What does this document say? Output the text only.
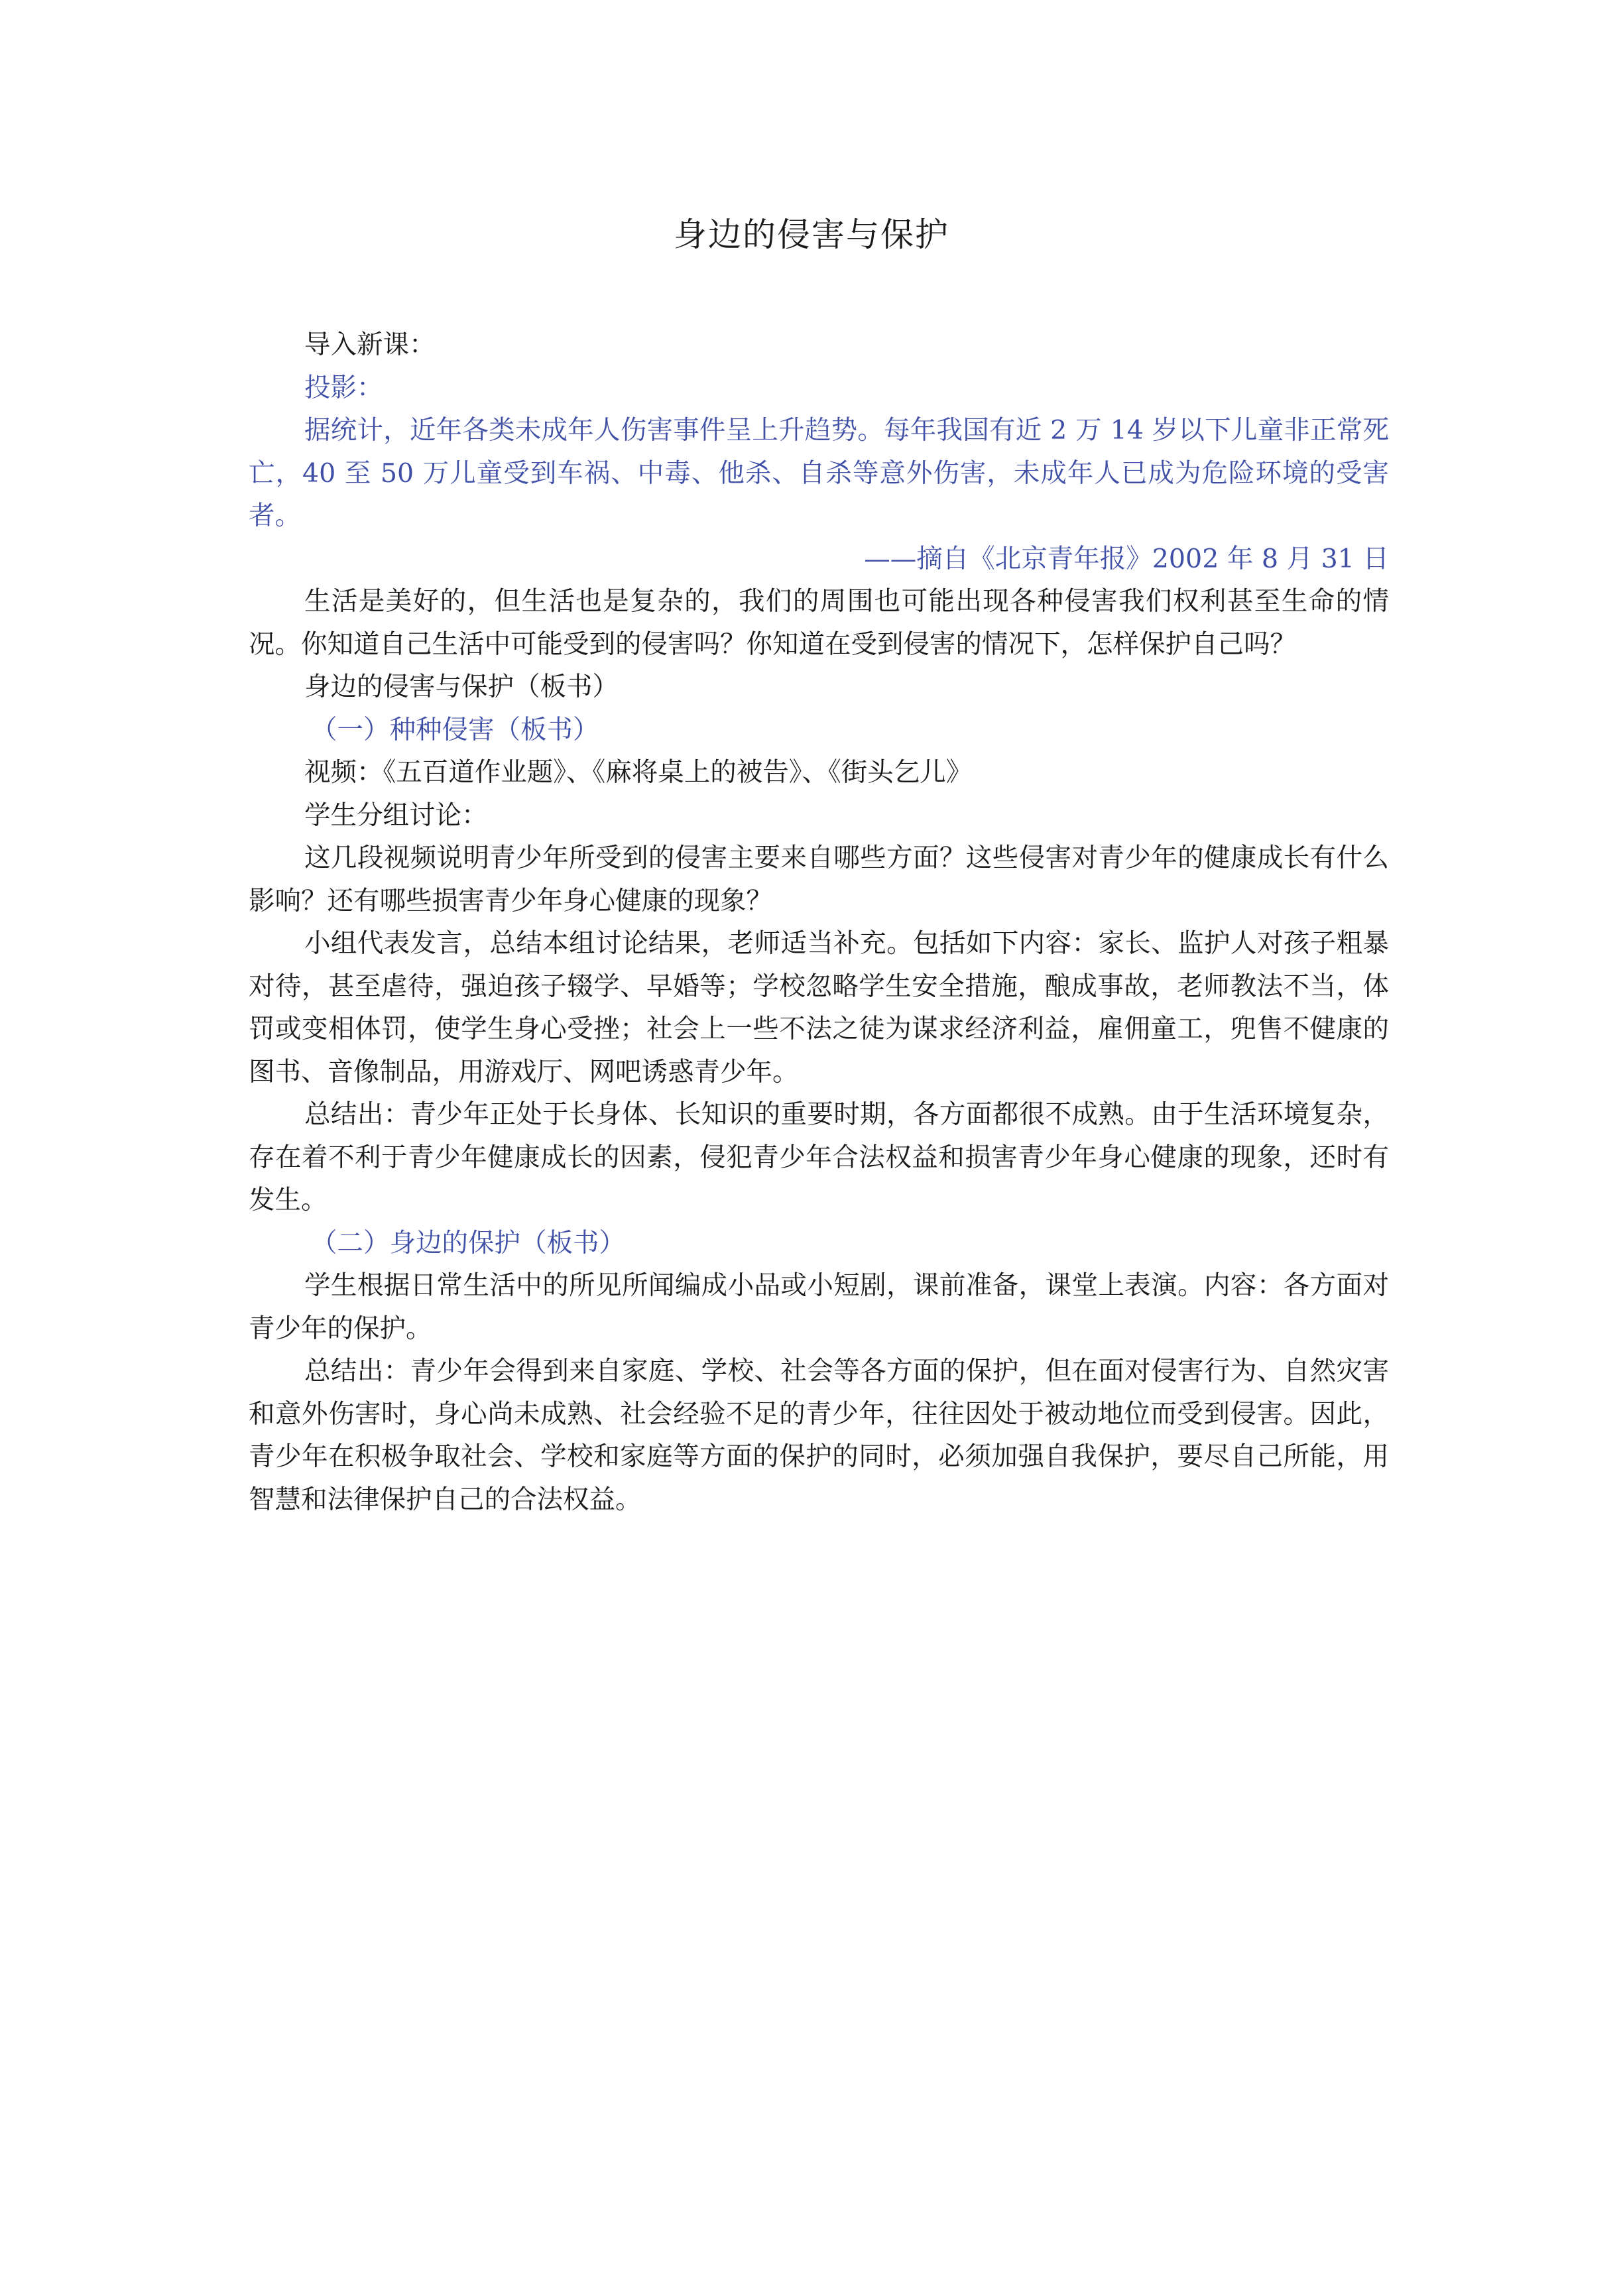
身边的侵害与保护

导入新课：

投影：

据统计，近年各类未成年人伤害事件呈上升趋势。每年我国有近 2 万 14 岁以下儿童非正常死亡，40 至 50 万儿童受到车祸、中毒、他杀、自杀等意外伤害，未成年人已成为危险环境的受害者。

——摘自《北京青年报》2002 年 8 月 31 日

生活是美好的，但生活也是复杂的，我们的周围也可能出现各种侵害我们权利甚至生命的情况。你知道自己生活中可能受到的侵害吗？你知道在受到侵害的情况下，怎样保护自己吗？

身边的侵害与保护（板书）

（一）种种侵害（板书）

视频：《五百道作业题》、《麻将桌上的被告》、《街头乞儿》

学生分组讨论：

这几段视频说明青少年所受到的侵害主要来自哪些方面？这些侵害对青少年的健康成长有什么影响？还有哪些损害青少年身心健康的现象？

小组代表发言，总结本组讨论结果，老师适当补充。包括如下内容：家长、监护人对孩子粗暴对待，甚至虐待，强迫孩子辍学、早婚等；学校忽略学生安全措施，酿成事故，老师教法不当，体罚或变相体罚，使学生身心受挫；社会上一些不法之徒为谋求经济利益，雇佣童工，兜售不健康的图书、音像制品，用游戏厅、网吧诱惑青少年。

总结出：青少年正处于长身体、长知识的重要时期，各方面都很不成熟。由于生活环境复杂，存在着不利于青少年健康成长的因素，侵犯青少年合法权益和损害青少年身心健康的现象，还时有发生。

（二）身边的保护（板书）

学生根据日常生活中的所见所闻编成小品或小短剧，课前准备，课堂上表演。内容：各方面对青少年的保护。

总结出：青少年会得到来自家庭、学校、社会等各方面的保护，但在面对侵害行为、自然灾害和意外伤害时，身心尚未成熟、社会经验不足的青少年，往往因处于被动地位而受到侵害。因此，青少年在积极争取社会、学校和家庭等方面的保护的同时，必须加强自我保护，要尽自己所能，用智慧和法律保护自己的合法权益。
